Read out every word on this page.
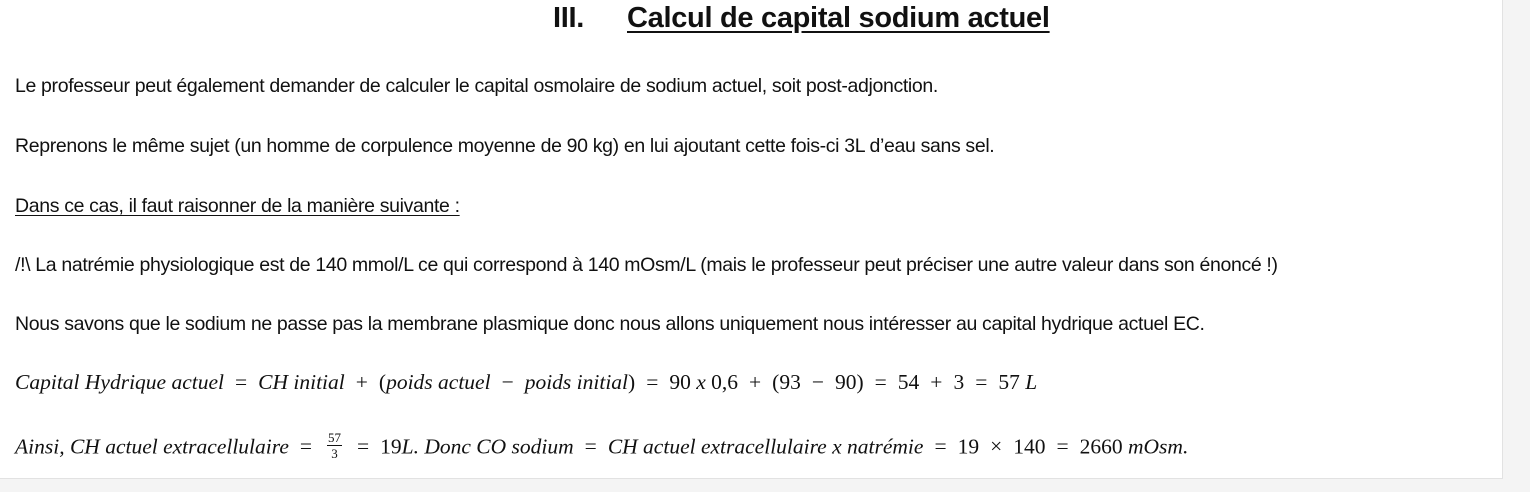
III. Calcul de capital sodium actuel
Le professeur peut également demander de calculer le capital osmolaire de sodium actuel, soit post-adjonction.
Reprenons le même sujet (un homme de corpulence moyenne de 90 kg) en lui ajoutant cette fois-ci 3L d’eau sans sel.
Dans ce cas, il faut raisonner de la manière suivante :
/!\ La natrémie physiologique est de 140 mmol/L ce qui correspond à 140 mOsm/L (mais le professeur peut préciser une autre valeur dans son énoncé !)
Nous savons que le sodium ne passe pas la membrane plasmique donc nous allons uniquement nous intéresser au capital hydrique actuel EC.
Capital Hydrique actuel = CH initial + (poids actuel − poids initial) = 90 x 0,6 + (93 − 90) = 54 + 3 = 57 L
Ainsi, CH actuel extracellulaire = $\frac{57}{3} = 19L$. Donc CO sodium = CH actuel extracellulaire x natrémie = 19 × 140 = 2660 mOsm.
